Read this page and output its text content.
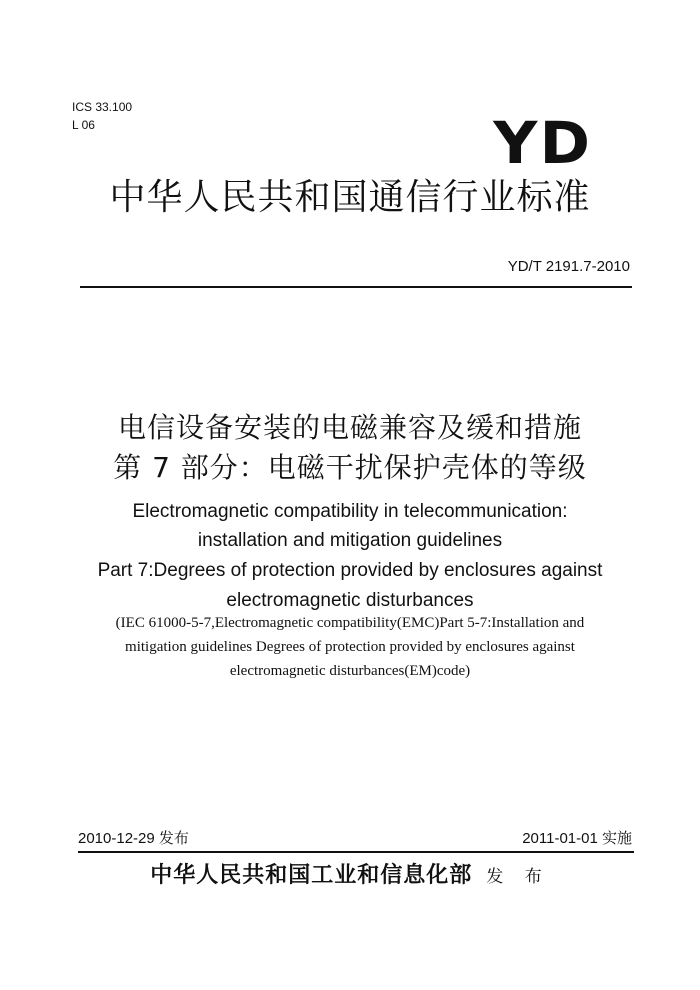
ICS 33.100
L 06	YD
中华人民共和国通信行业标准
YD/T 2191.7-2010
电信设备安装的电磁兼容及缓和措施
第 7 部分：电磁干扰保护壳体的等级
Electromagnetic compatibility in telecommunication:
installation and mitigation guidelines
Part 7:Degrees of protection provided by enclosures against
electromagnetic disturbances
(IEC 61000-5-7,Electromagnetic compatibility(EMC)Part 5-7:Installation and
mitigation guidelines Degrees of protection provided by enclosures against
electromagnetic disturbances(EM)code)
2010-12-29 发布	2011-01-01 实施
中华人民共和国工业和信息化部 发 布
